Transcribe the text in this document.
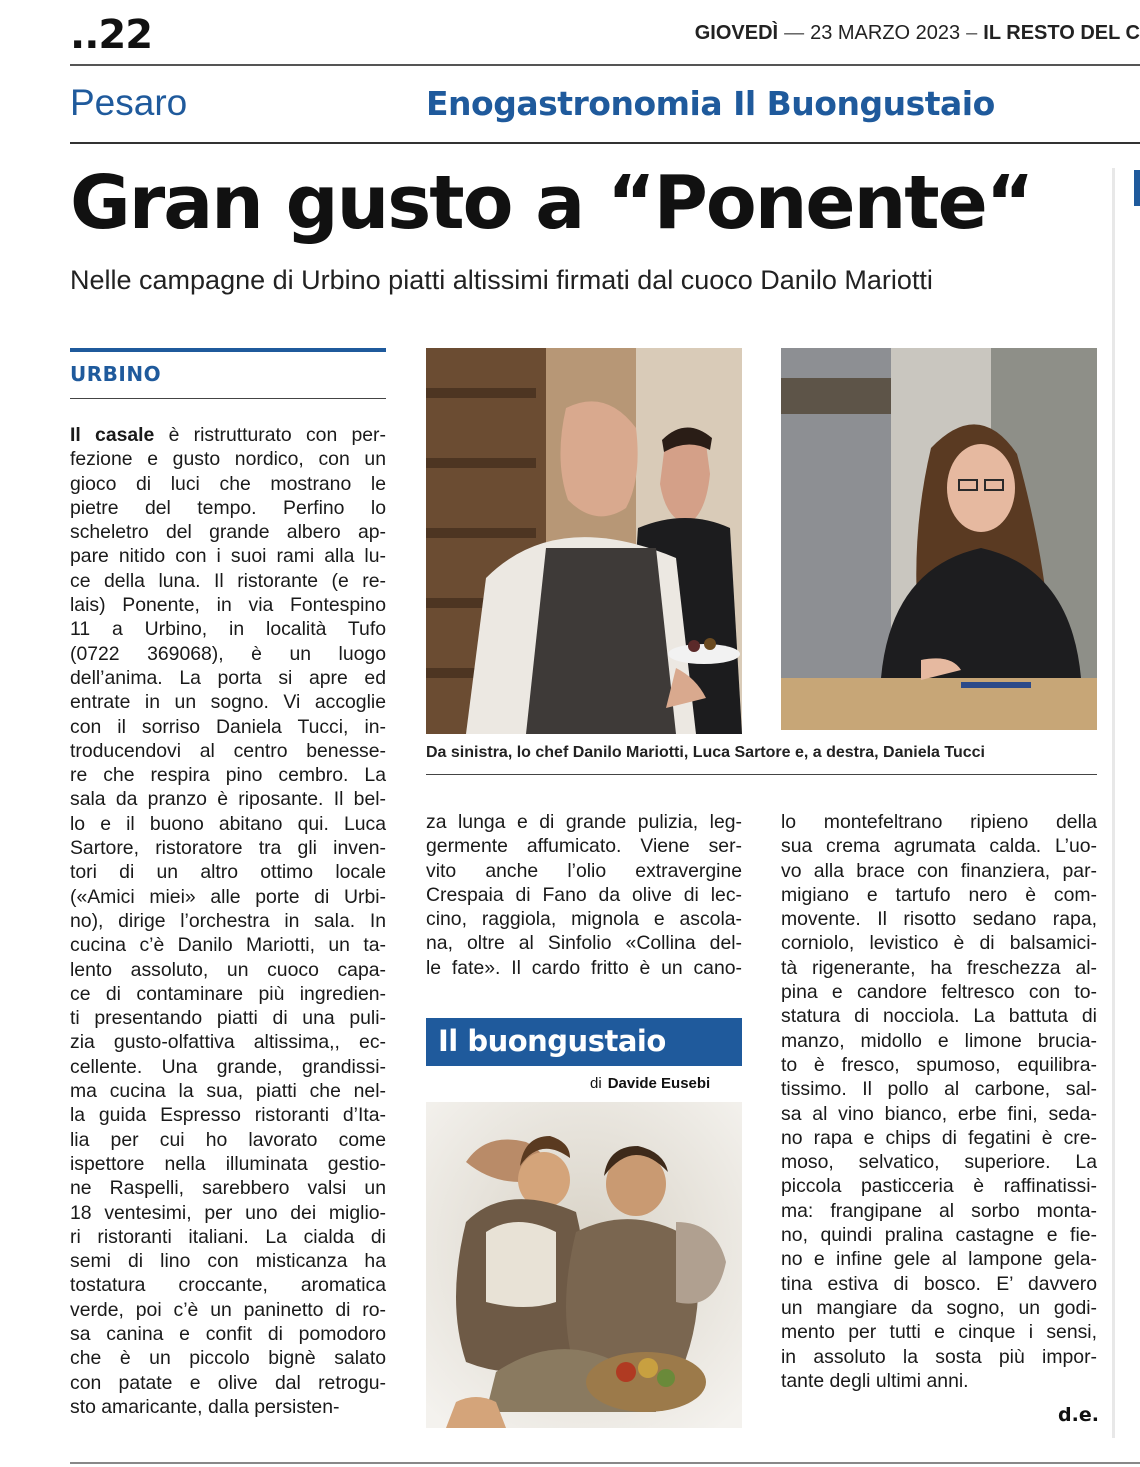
..22	GIOVEDÌ — 23 MARZO 2023 – IL RESTO DEL C
Pesaro	Enogastronomia Il Buongustaio
Gran gusto a “Ponente“
Nelle campagne di Urbino piatti altissimi firmati dal cuoco Danilo Mariotti
URBINO
Il casale è ristrutturato con per-
fezione e gusto nordico, con un
gioco di luci che mostrano le
pietre del tempo. Perfino lo
scheletro del grande albero ap-
pare nitido con i suoi rami alla lu-
ce della luna. Il ristorante (e re-
lais) Ponente, in via Fontespino
11 a Urbino, in località Tufo
(0722 369068), è un luogo
dell’anima. La porta si apre ed
entrate in un sogno. Vi accoglie
con il sorriso Daniela Tucci, in-
troducendovi al centro benesse-
re che respira pino cembro. La
sala da pranzo è riposante. Il bel-
lo e il buono abitano qui. Luca
Sartore, ristoratore tra gli inven-
tori di un altro ottimo locale
(«Amici miei» alle porte di Urbi-
no), dirige l’orchestra in sala. In
cucina c’è Danilo Mariotti, un ta-
lento assoluto, un cuoco capa-
ce di contaminare più ingredien-
ti presentando piatti di una puli-
zia gusto-olfattiva altissima,, ec-
cellente. Una grande, grandissi-
ma cucina la sua, piatti che nel-
la guida Espresso ristoranti d’Ita-
lia per cui ho lavorato come
ispettore nella illuminata gestio-
ne Raspelli, sarebbero valsi un
18 ventesimi, per uno dei miglio-
ri ristoranti italiani. La cialda di
semi di lino con misticanza ha
tostatura croccante, aromatica
verde, poi c’è un paninetto di ro-
sa canina e confit di pomodoro
che è un piccolo bignè salato
con patate e olive dal retrogu-
sto amaricante, dalla persisten-
Da sinistra, lo chef Danilo Mariotti, Luca Sartore e, a destra, Daniela Tucci
za lunga e di grande pulizia, leg-
germente affumicato. Viene ser-
vito anche l’olio extravergine
Crespaia di Fano da olive di lec-
cino, raggiola, mignola e ascola-
na, oltre al Sinfolio «Collina del-
le fate». Il cardo fritto è un cano-
Il buongustaio
di Davide Eusebi
lo montefeltrano ripieno della
sua crema agrumata calda. L’uo-
vo alla brace con finanziera, par-
migiano e tartufo nero è com-
movente. Il risotto sedano rapa,
corniolo, levistico è di balsamici-
tà rigenerante, ha freschezza al-
pina e candore feltresco con to-
statura di nocciola. La battuta di
manzo, midollo e limone brucia-
to è fresco, spumoso, equilibra-
tissimo. Il pollo al carbone, sal-
sa al vino bianco, erbe fini, seda-
no rapa e chips di fegatini è cre-
moso, selvatico, superiore. La
piccola pasticceria è raffinatissi-
ma: frangipane al sorbo monta-
no, quindi pralina castagne e fie-
no e infine gele al lampone gela-
tina estiva di bosco. E’ davvero
un mangiare da sogno, un godi-
mento per tutti e cinque i sensi,
in assoluto la sosta più impor-
tante degli ultimi anni.
d.e.
